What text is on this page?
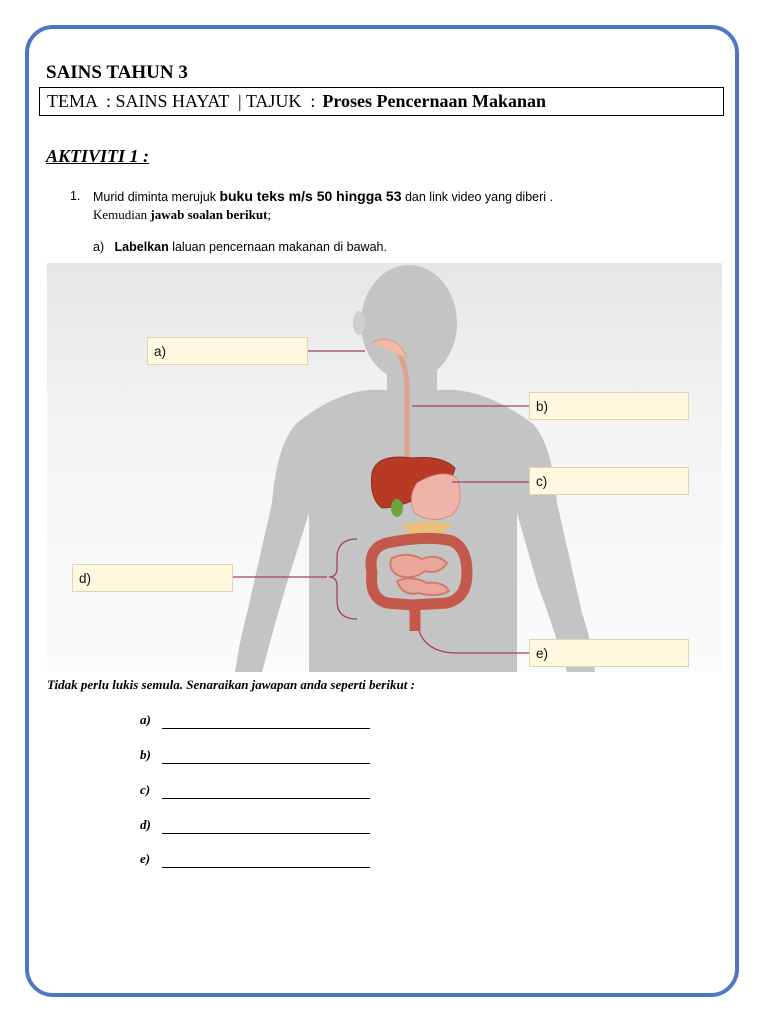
SAINS TAHUN 3
TEMA  : SAINS HAYAT  | TAJUK  : Proses Pencernaan Makanan
AKTIVITI 1 :
1. Murid diminta merujuk buku teks m/s 50 hingga 53 dan link video yang diberi .
Kemudian jawab soalan berikut;
a) Labelkan laluan pencernaan makanan di bawah.
a)
b)
c)
d)
e)

Tidak perlu lukis semula. Senaraikan jawapan anda seperti berikut :

a)
b)
c)
d)
e)
